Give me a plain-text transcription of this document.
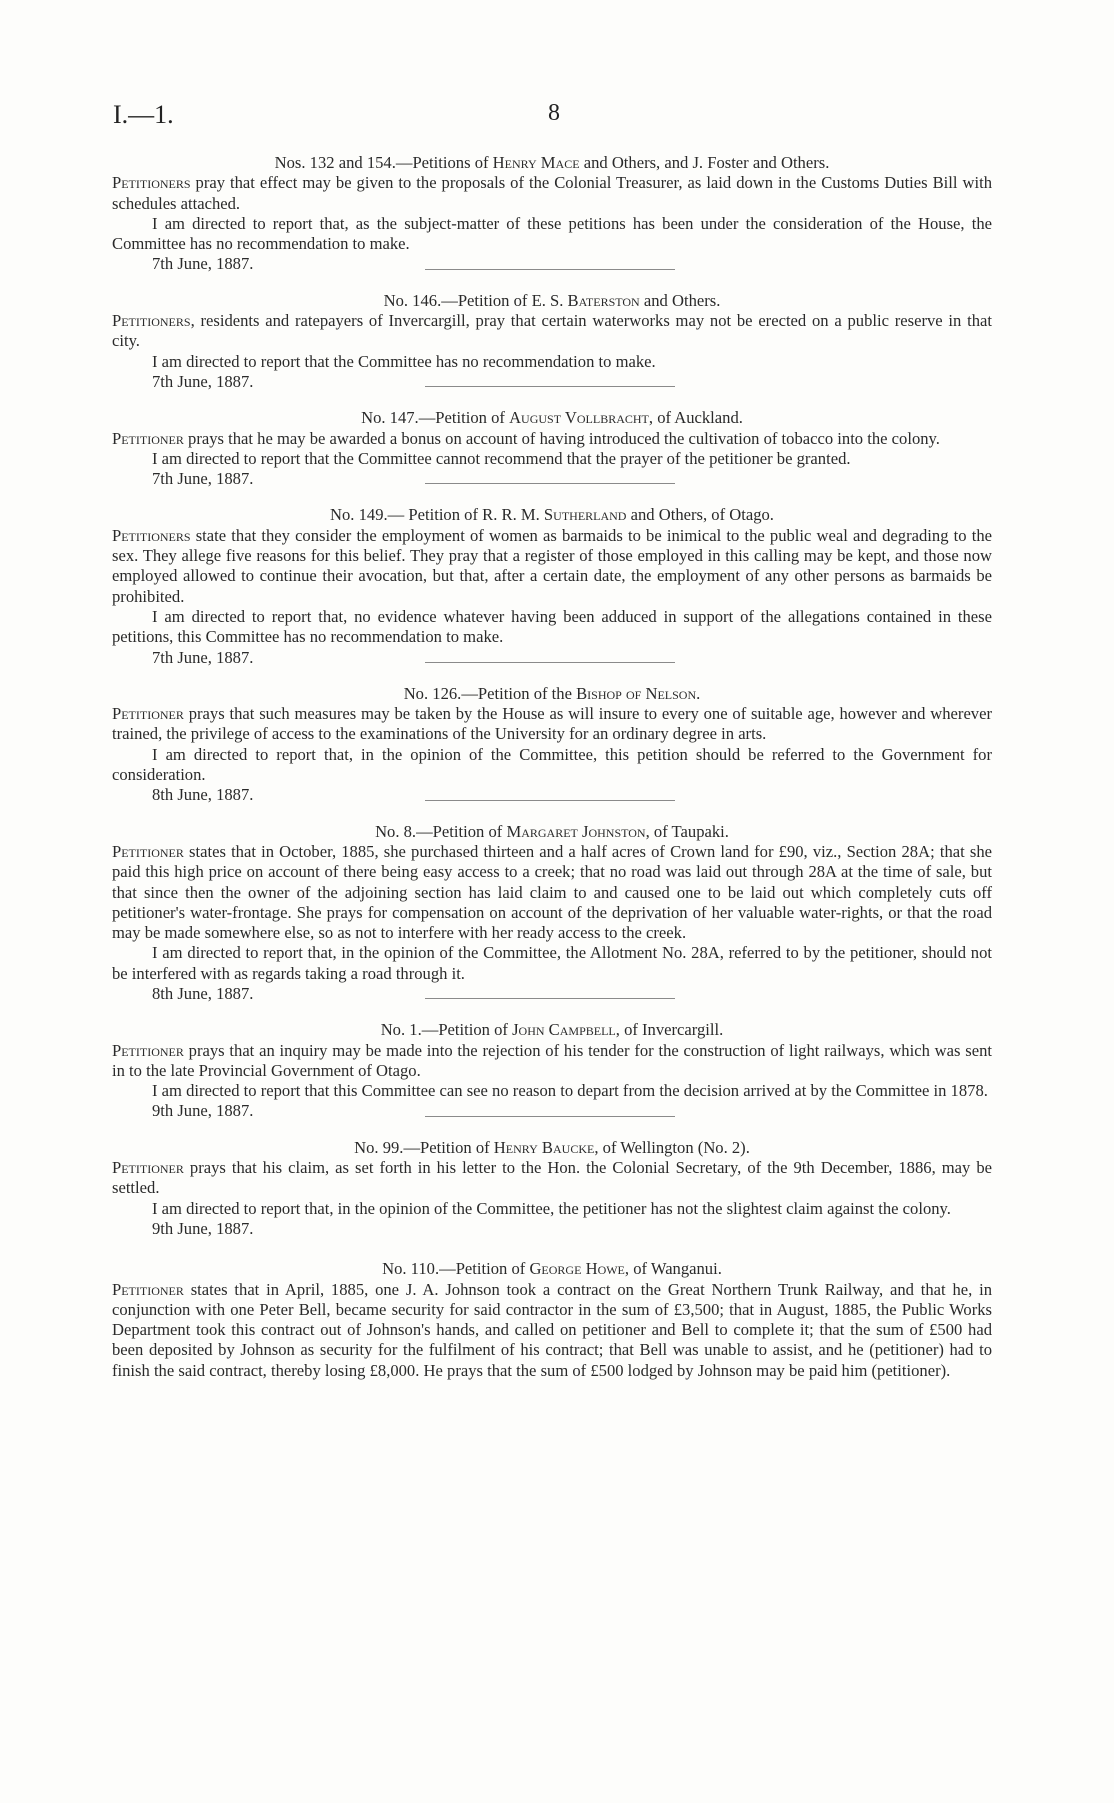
I.—1.	8

Nos. 132 and 154.—Petitions of Henry Mace and Others, and J. Foster and Others.

Petitioners pray that effect may be given to the proposals of the Colonial Treasurer, as laid down in the Customs Duties Bill with schedules attached.

I am directed to report that, as the subject-matter of these petitions has been under the consideration of the House, the Committee has no recommendation to make.

7th June, 1887.

No. 146.—Petition of E. S. Baterston and Others.

Petitioners, residents and ratepayers of Invercargill, pray that certain waterworks may not be erected on a public reserve in that city.

I am directed to report that the Committee has no recommendation to make.

7th June, 1887.

No. 147.—Petition of August Vollbracht, of Auckland.

Petitioner prays that he may be awarded a bonus on account of having introduced the cultivation of tobacco into the colony.

I am directed to report that the Committee cannot recommend that the prayer of the petitioner be granted.

7th June, 1887.

No. 149.— Petition of R. R. M. Sutherland and Others, of Otago.

Petitioners state that they consider the employment of women as barmaids to be inimical to the public weal and degrading to the sex. They allege five reasons for this belief. They pray that a register of those employed in this calling may be kept, and those now employed allowed to continue their avocation, but that, after a certain date, the employment of any other persons as barmaids be prohibited.

I am directed to report that, no evidence whatever having been adduced in support of the allegations contained in these petitions, this Committee has no recommendation to make.

7th June, 1887.

No. 126.—Petition of the Bishop of Nelson.

Petitioner prays that such measures may be taken by the House as will insure to every one of suitable age, however and wherever trained, the privilege of access to the examinations of the University for an ordinary degree in arts.

I am directed to report that, in the opinion of the Committee, this petition should be referred to the Government for consideration.

8th June, 1887.

No. 8.—Petition of Margaret Johnston, of Taupaki.

Petitioner states that in October, 1885, she purchased thirteen and a half acres of Crown land for £90, viz., Section 28A; that she paid this high price on account of there being easy access to a creek; that no road was laid out through 28A at the time of sale, but that since then the owner of the adjoining section has laid claim to and caused one to be laid out which completely cuts off petitioner's water-frontage. She prays for compensation on account of the deprivation of her valuable water-rights, or that the road may be made somewhere else, so as not to interfere with her ready access to the creek.

I am directed to report that, in the opinion of the Committee, the Allotment No. 28A, referred to by the petitioner, should not be interfered with as regards taking a road through it.

8th June, 1887.

No. 1.—Petition of John Campbell, of Invercargill.

Petitioner prays that an inquiry may be made into the rejection of his tender for the construction of light railways, which was sent in to the late Provincial Government of Otago.

I am directed to report that this Committee can see no reason to depart from the decision arrived at by the Committee in 1878.

9th June, 1887.

No. 99.—Petition of Henry Baucke, of Wellington (No. 2).

Petitioner prays that his claim, as set forth in his letter to the Hon. the Colonial Secretary, of the 9th December, 1886, may be settled.

I am directed to report that, in the opinion of the Committee, the petitioner has not the slightest claim against the colony.

9th June, 1887.

No. 110.—Petition of George Howe, of Wanganui.

Petitioner states that in April, 1885, one J. A. Johnson took a contract on the Great Northern Trunk Railway, and that he, in conjunction with one Peter Bell, became security for said contractor in the sum of £3,500; that in August, 1885, the Public Works Department took this contract out of Johnson's hands, and called on petitioner and Bell to complete it; that the sum of £500 had been deposited by Johnson as security for the fulfilment of his contract; that Bell was unable to assist, and he (petitioner) had to finish the said contract, thereby losing £8,000. He prays that the sum of £500 lodged by Johnson may be paid him (petitioner).
